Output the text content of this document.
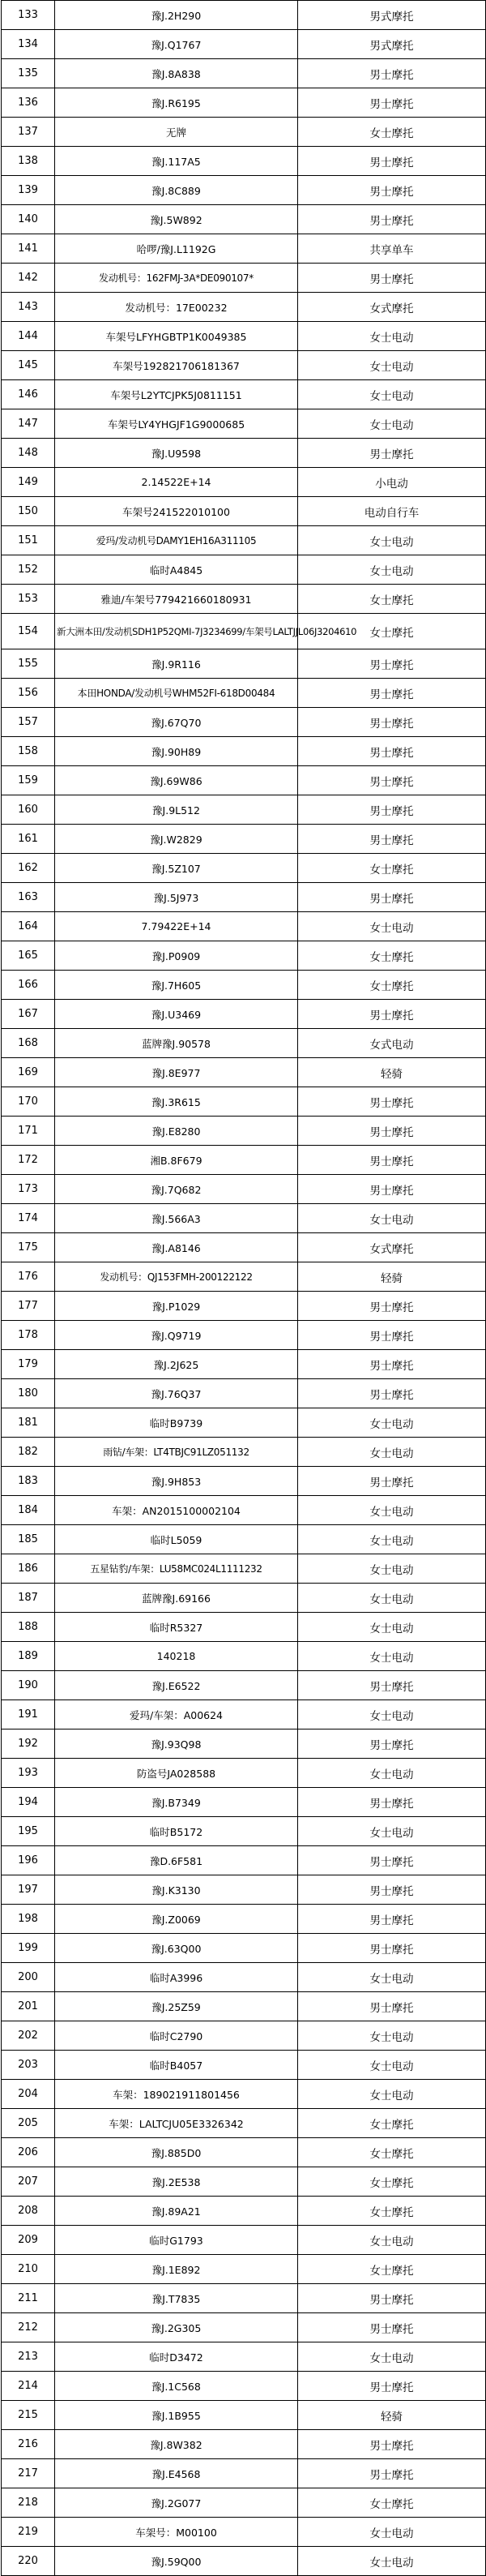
133	豫J.2H290	男式摩托
134	豫J.Q1767	男式摩托
135	豫J.8A838	男士摩托
136	豫J.R6195	男士摩托
137	无牌	女士摩托
138	豫J.117A5	男士摩托
139	豫J.8C889	男士摩托
140	豫J.5W892	男士摩托
141	哈啰/豫J.L1192G	共享单车
142	发动机号：162FMJ-3A*DE090107*	男士摩托
143	发动机号：17E00232	女式摩托
144	车架号LFYHGBTP1K0049385	女士电动
145	车架号192821706181367	女士电动
146	车架号L2YTCJPK5J0811151	女士电动
147	车架号LY4YHGJF1G9000685	女士电动
148	豫J.U9598	男士摩托
149	2.14522E+14	小电动
150	车架号241522010100	电动自行车
151	爱玛/发动机号DAMY1EH16A311105	女士电动
152	临时A4845	女士电动
153	雅迪/车架号779421660180931	女士摩托
154	新大洲本田/发动机SDH1P52QMI-7J3234699/车架号LALTJJL06J3204610	女士摩托
155	豫J.9R116	男士摩托
156	本田HONDA/发动机号WHM52FI-618D00484	男士摩托
157	豫J.67Q70	男士摩托
158	豫J.90H89	男士摩托
159	豫J.69W86	男士摩托
160	豫J.9L512	男士摩托
161	豫J.W2829	男士摩托
162	豫J.5Z107	女士摩托
163	豫J.5J973	男士摩托
164	7.79422E+14	女士电动
165	豫J.P0909	女士摩托
166	豫J.7H605	女士摩托
167	豫J.U3469	男士摩托
168	蓝牌豫J.90578	女式电动
169	豫J.8E977	轻骑
170	豫J.3R615	男士摩托
171	豫J.E8280	男士摩托
172	湘B.8F679	男士摩托
173	豫J.7Q682	男士摩托
174	豫J.566A3	女士电动
175	豫J.A8146	女式摩托
176	发动机号：QJ153FMH-200122122	轻骑
177	豫J.P1029	男士摩托
178	豫J.Q9719	男士摩托
179	豫J.2J625	男士摩托
180	豫J.76Q37	男士摩托
181	临时B9739	女士电动
182	雨钻/车架：LT4TBJC91LZ051132	女士电动
183	豫J.9H853	男士摩托
184	车架：AN2015100002104	女士电动
185	临时L5059	女士电动
186	五星钻豹/车架：LU58MC024L1111232	女士电动
187	蓝牌豫J.69166	女士电动
188	临时R5327	女士电动
189	140218	女士电动
190	豫J.E6522	男士摩托
191	爱玛/车架：A00624	女士电动
192	豫J.93Q98	男士摩托
193	防盗号JA028588	女士电动
194	豫J.B7349	男士摩托
195	临时B5172	女士电动
196	豫D.6F581	男士摩托
197	豫J.K3130	男士摩托
198	豫J.Z0069	男士摩托
199	豫J.63Q00	男士摩托
200	临时A3996	女士电动
201	豫J.25Z59	男士摩托
202	临时C2790	女士电动
203	临时B4057	女士电动
204	车架：189021911801456	女士电动
205	车架：LALTCJU05E3326342	女士摩托
206	豫J.885D0	女士摩托
207	豫J.2E538	女士摩托
208	豫J.89A21	女士摩托
209	临时G1793	女士电动
210	豫J.1E892	女士摩托
211	豫J.T7835	男士摩托
212	豫J.2G305	男士摩托
213	临时D3472	女士电动
214	豫J.1C568	男士摩托
215	豫J.1B955	轻骑
216	豫J.8W382	男士摩托
217	豫J.E4568	男士摩托
218	豫J.2G077	女士摩托
219	车架号：M00100	女士电动
220	豫J.59Q00	女士电动
